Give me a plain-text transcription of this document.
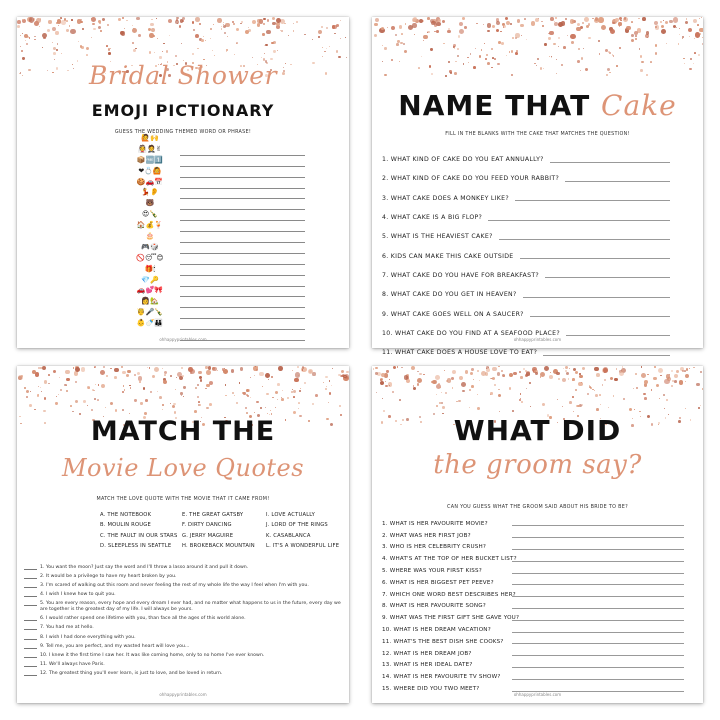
Bridal Shower
EMOJI PICTIONARY
GUESS THE WEDDING THEMED WORD OR PHRASE!
ohhappyprintables.com
🙋🙌
👰🤵✌
📦🆓1️⃣
❤💍🙆
🍪🚗📅
💃👂
🐻
😍🍾
🏠💰🍹
🎂
🎮🎲
🚫😴😊
🎁🕯
💎🔑
🚗💕🎀
👩🏡
🤴🎤🍾
👶🍼👪
NAME THAT Cake
FILL IN THE BLANKS WITH THE CAKE THAT MATCHES THE QUESTION!
ohhappyprintables.com
1. WHAT KIND OF CAKE DO YOU EAT ANNUALLY?
2. WHAT KIND OF CAKE DO YOU FEED YOUR RABBIT?
3. WHAT CAKE DOES A MONKEY LIKE?
4. WHAT CAKE IS A BIG FLOP?
5. WHAT IS THE HEAVIEST CAKE?
6. KIDS CAN MAKE THIS CAKE OUTSIDE
7. WHAT CAKE DO YOU HAVE FOR BREAKFAST?
8. WHAT CAKE DO YOU GET IN HEAVEN?
9. WHAT CAKE GOES WELL ON A SAUCER?
10. WHAT CAKE DO YOU FIND AT A SEAFOOD PLACE?
11. WHAT CAKE DOES A HOUSE LOVE TO EAT?
MATCH THE
Movie Love Quotes
MATCH THE LOVE QUOTE WITH THE MOVIE THAT IT CAME FROM!
ohhappyprintables.com
A. THE NOTEBOOK
B. MOULIN ROUGE
C. THE FAULT IN OUR STARS
D. SLEEPLESS IN SEATTLE
E. THE GREAT GATSBY
F. DIRTY DANCING
G. JERRY MAGUIRE
H. BROKEBACK MOUNTAIN
I. LOVE ACTUALLY
J. LORD OF THE RINGS
K. CASABLANCA
L. IT'S A WONDERFUL LIFE
1. You want the moon? Just say the word and I'll throw a lasso around it and pull it down.
2. It would be a privilege to have my heart broken by you.
3. I'm scared of walking out this room and never feeling the rest of my whole life the way I feel when I'm with you.
4. I wish I knew how to quit you.
5. You are every reason, every hope and every dream I ever had, and no matter what happens to us in the future, every day we are together is the greatest day of my life. I will always be yours.
6. I would rather spend one lifetime with you, than face all the ages of this world alone.
7. You had me at hello.
8. I wish I had done everything with you.
9. Tell me, you are perfect, and my wasted heart will love you...
10. I knew it the first time I saw her. It was like coming home, only to no home I've ever known.
11. We'll always have Paris.
12. The greatest thing you'll ever learn, is just to love, and be loved in return.
WHAT DID
the groom say?
CAN YOU GUESS WHAT THE GROOM SAID ABOUT HIS BRIDE TO BE?
ohhappyprintables.com
1. WHAT IS HER FAVOURITE MOVIE?
2. WHAT WAS HER FIRST JOB?
3. WHO IS HER CELEBRITY CRUSH?
4. WHAT'S AT THE TOP OF HER BUCKET LIST?
5. WHERE WAS YOUR FIRST KISS?
6. WHAT IS HER BIGGEST PET PEEVE?
7. WHICH ONE WORD BEST DESCRIBES HER?
8. WHAT IS HER FAVOURITE SONG?
9. WHAT WAS THE FIRST GIFT SHE GAVE YOU?
10. WHAT IS HER DREAM VACATION?
11. WHAT'S THE BEST DISH SHE COOKS?
12. WHAT IS HER DREAM JOB?
13. WHAT IS HER IDEAL DATE?
14. WHAT IS HER FAVOURITE TV SHOW?
15. WHERE DID YOU TWO MEET?
